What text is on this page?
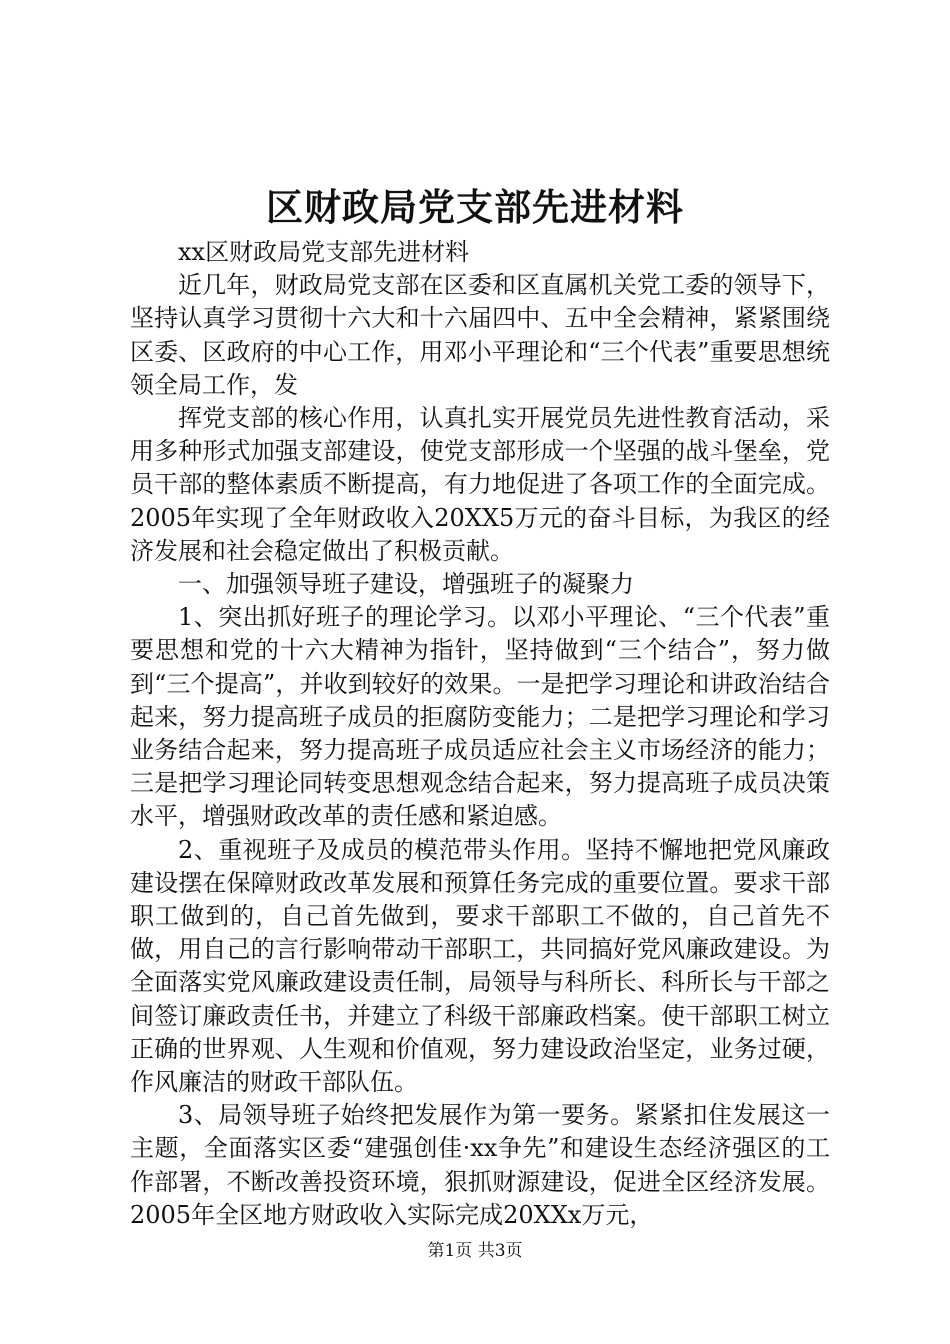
区财政局党支部先进材料

xx区财政局党支部先进材料

近几年，财政局党支部在区委和区直属机关党工委的领导下，坚持认真学习贯彻十六大和十六届四中、五中全会精神，紧紧围绕区委、区政府的中心工作，用邓小平理论和“三个代表”重要思想统领全局工作，发

挥党支部的核心作用，认真扎实开展党员先进性教育活动，采用多种形式加强支部建设，使党支部形成一个坚强的战斗堡垒，党员干部的整体素质不断提高，有力地促进了各项工作的全面完成。2005年实现了全年财政收入20XX5万元的奋斗目标，为我区的经济发展和社会稳定做出了积极贡献。

一、加强领导班子建设，增强班子的凝聚力

1、突出抓好班子的理论学习。以邓小平理论、“三个代表”重要思想和党的十六大精神为指针，坚持做到“三个结合”，努力做到“三个提高”，并收到较好的效果。一是把学习理论和讲政治结合起来，努力提高班子成员的拒腐防变能力；二是把学习理论和学习业务结合起来，努力提高班子成员适应社会主义市场经济的能力；三是把学习理论同转变思想观念结合起来，努力提高班子成员决策水平，增强财政改革的责任感和紧迫感。

2、重视班子及成员的模范带头作用。坚持不懈地把党风廉政建设摆在保障财政改革发展和预算任务完成的重要位置。要求干部职工做到的，自己首先做到，要求干部职工不做的，自己首先不做，用自己的言行影响带动干部职工，共同搞好党风廉政建设。为全面落实党风廉政建设责任制，局领导与科所长、科所长与干部之间签订廉政责任书，并建立了科级干部廉政档案。使干部职工树立正确的世界观、人生观和价值观，努力建设政治坚定，业务过硬，作风廉洁的财政干部队伍。

3、局领导班子始终把发展作为第一要务。紧紧扣住发展这一主题，全面落实区委“建强创佳·xx争先”和建设生态经济强区的工作部署，不断改善投资环境，狠抓财源建设，促进全区经济发展。2005年全区地方财政收入实际完成20XXx万元，

第1页 共3页
